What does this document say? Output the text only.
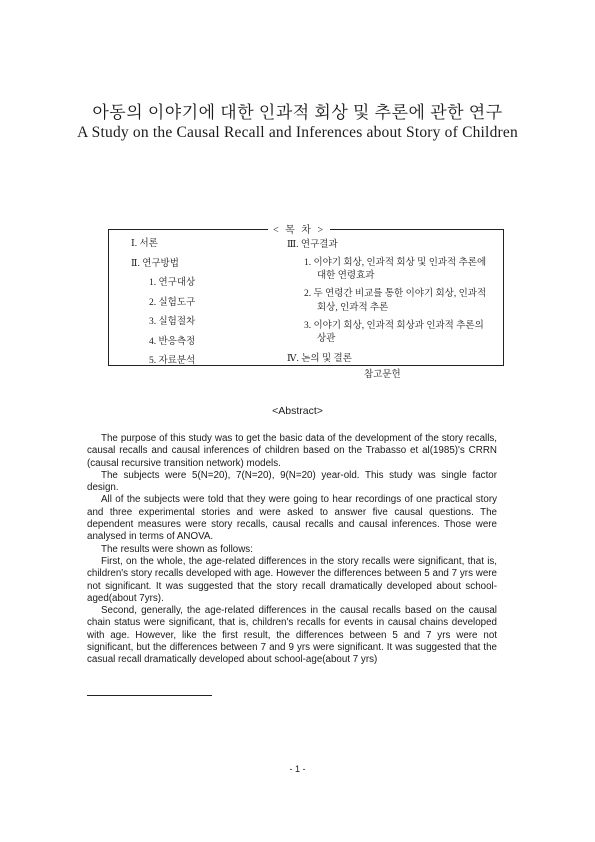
아동의 이야기에 대한 인과적 회상 및 추론에 관한 연구
A Study on the Causal Recall and Inferences about Story of Children
< 목 차 >
Ⅰ. 서론
Ⅱ. 연구방법
1. 연구대상
2. 실험도구
3. 실험절차
4. 반응측정
5. 자료분석
Ⅲ. 연구결과
1. 이야기 회상, 인과적 회상 및 인과적 추론에 대한 연령효과
2. 두 연령간 비교를 통한 이야기 회상, 인과적 회상, 인과적 추론
3. 이야기 회상, 인과적 회상과 인과적 추론의 상관
Ⅳ. 논의 및 결론
참고문헌
<Abstract>

The purpose of this study was to get the basic data of the development of the story recalls, causal recalls and causal inferences of children based on the Trabasso et al(1985)'s CRRN (causal recursive transition network) models.

The subjects were 5(N=20), 7(N=20), 9(N=20) year-old. This study was single factor design.

All of the subjects were told that they were going to hear recordings of one practical story and three experimental stories and were asked to answer five causal questions. The dependent measures were story recalls, causal recalls and causal inferences. Those were analysed in terms of ANOVA.

The results were shown as follows:

First, on the whole, the age-related differences in the story recalls were significant, that is, children's story recalls developed with age. However the differences between 5 and 7 yrs were not significant. It was suggested that the story recall dramatically developed about school-aged(about 7yrs).

Second, generally, the age-related differences in the causal recalls based on the causal chain status were significant, that is, children's recalls for events in causal chains developed with age. However, like the first result, the differences between 5 and 7 yrs were not significant, but the differences between 7 and 9 yrs were significant. It was suggested that the casual recall dramatically developed about school-age(about 7 yrs)

- 1 -
